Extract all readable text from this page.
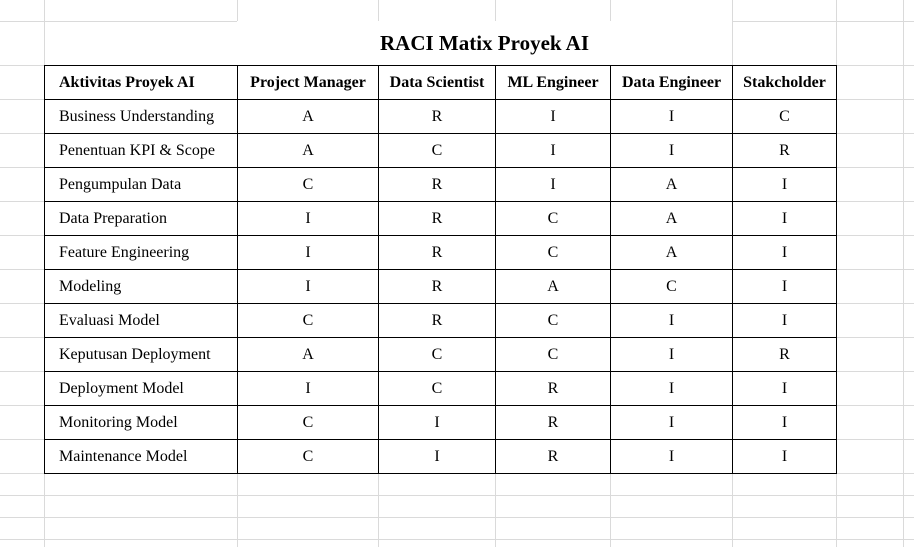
RACI Matix Proyek AI
Aktivitas Proyek AI	Project Manager	Data Scientist	ML Engineer	Data Engineer	Stakcholder
Business Understanding	A	R	I	I	C
Penentuan KPI & Scope	A	C	I	I	R
Pengumpulan Data	C	R	I	A	I
Data Preparation	I	R	C	A	I
Feature Engineering	I	R	C	A	I
Modeling	I	R	A	C	I
Evaluasi Model	C	R	C	I	I
Keputusan Deployment	A	C	C	I	R
Deployment Model	I	C	R	I	I
Monitoring Model	C	I	R	I	I
Maintenance Model	C	I	R	I	I
